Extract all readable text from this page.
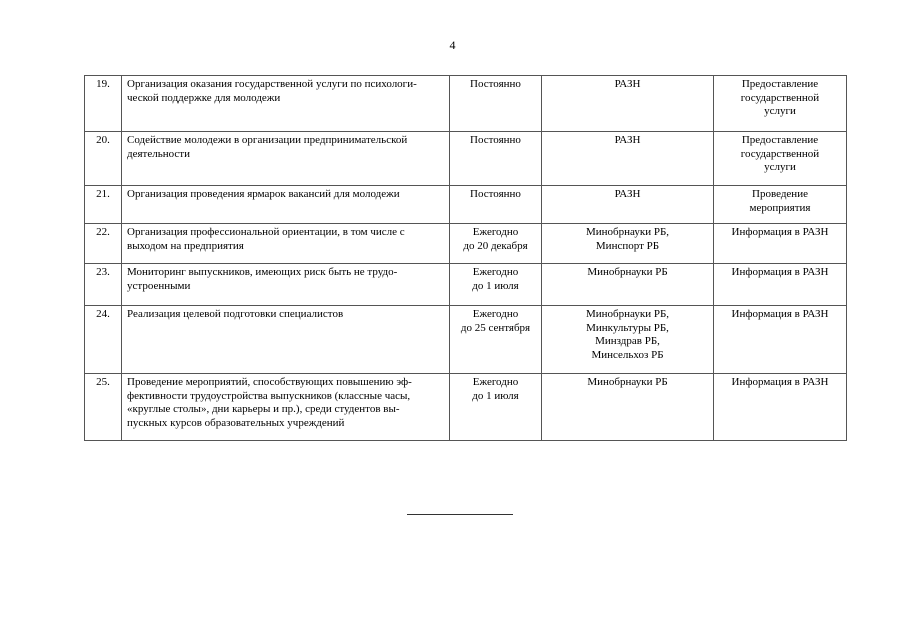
4
19.	Организация оказания государственной услуги по психологи-
ческой поддержке для молодежи	Постоянно	РАЗН	Предоставление
государственной
услуги

20.	Содействие молодежи в организации предпринимательской
деятельности	Постоянно	РАЗН	Предоставление
государственной
услуги

21.	Организация проведения ярмарок вакансий для молодежи	Постоянно	РАЗН	Проведение
мероприятия

22.	Организация профессиональной ориентации, в том числе с
выходом на предприятия	Ежегодно
до 20 декабря	Минобрнауки РБ,
Минспорт РБ	Информация в РАЗН

23.	Мониторинг выпускников, имеющих риск быть не трудо-
устроенными	Ежегодно
до 1 июля	Минобрнауки РБ	Информация в РАЗН

24.	Реализация целевой подготовки специалистов	Ежегодно
до 25 сентября	Минобрнауки РБ,
Минкультуры РБ,
Минздрав РБ,
Минсельхоз РБ	Информация в РАЗН

25.	Проведение мероприятий, способствующих повышению эф-
фективности трудоустройства выпускников (классные часы,
«круглые столы», дни карьеры и пр.), среди студентов вы-
пускных курсов образовательных учреждений	Ежегодно
до 1 июля	Минобрнауки РБ	Информация в РАЗН
